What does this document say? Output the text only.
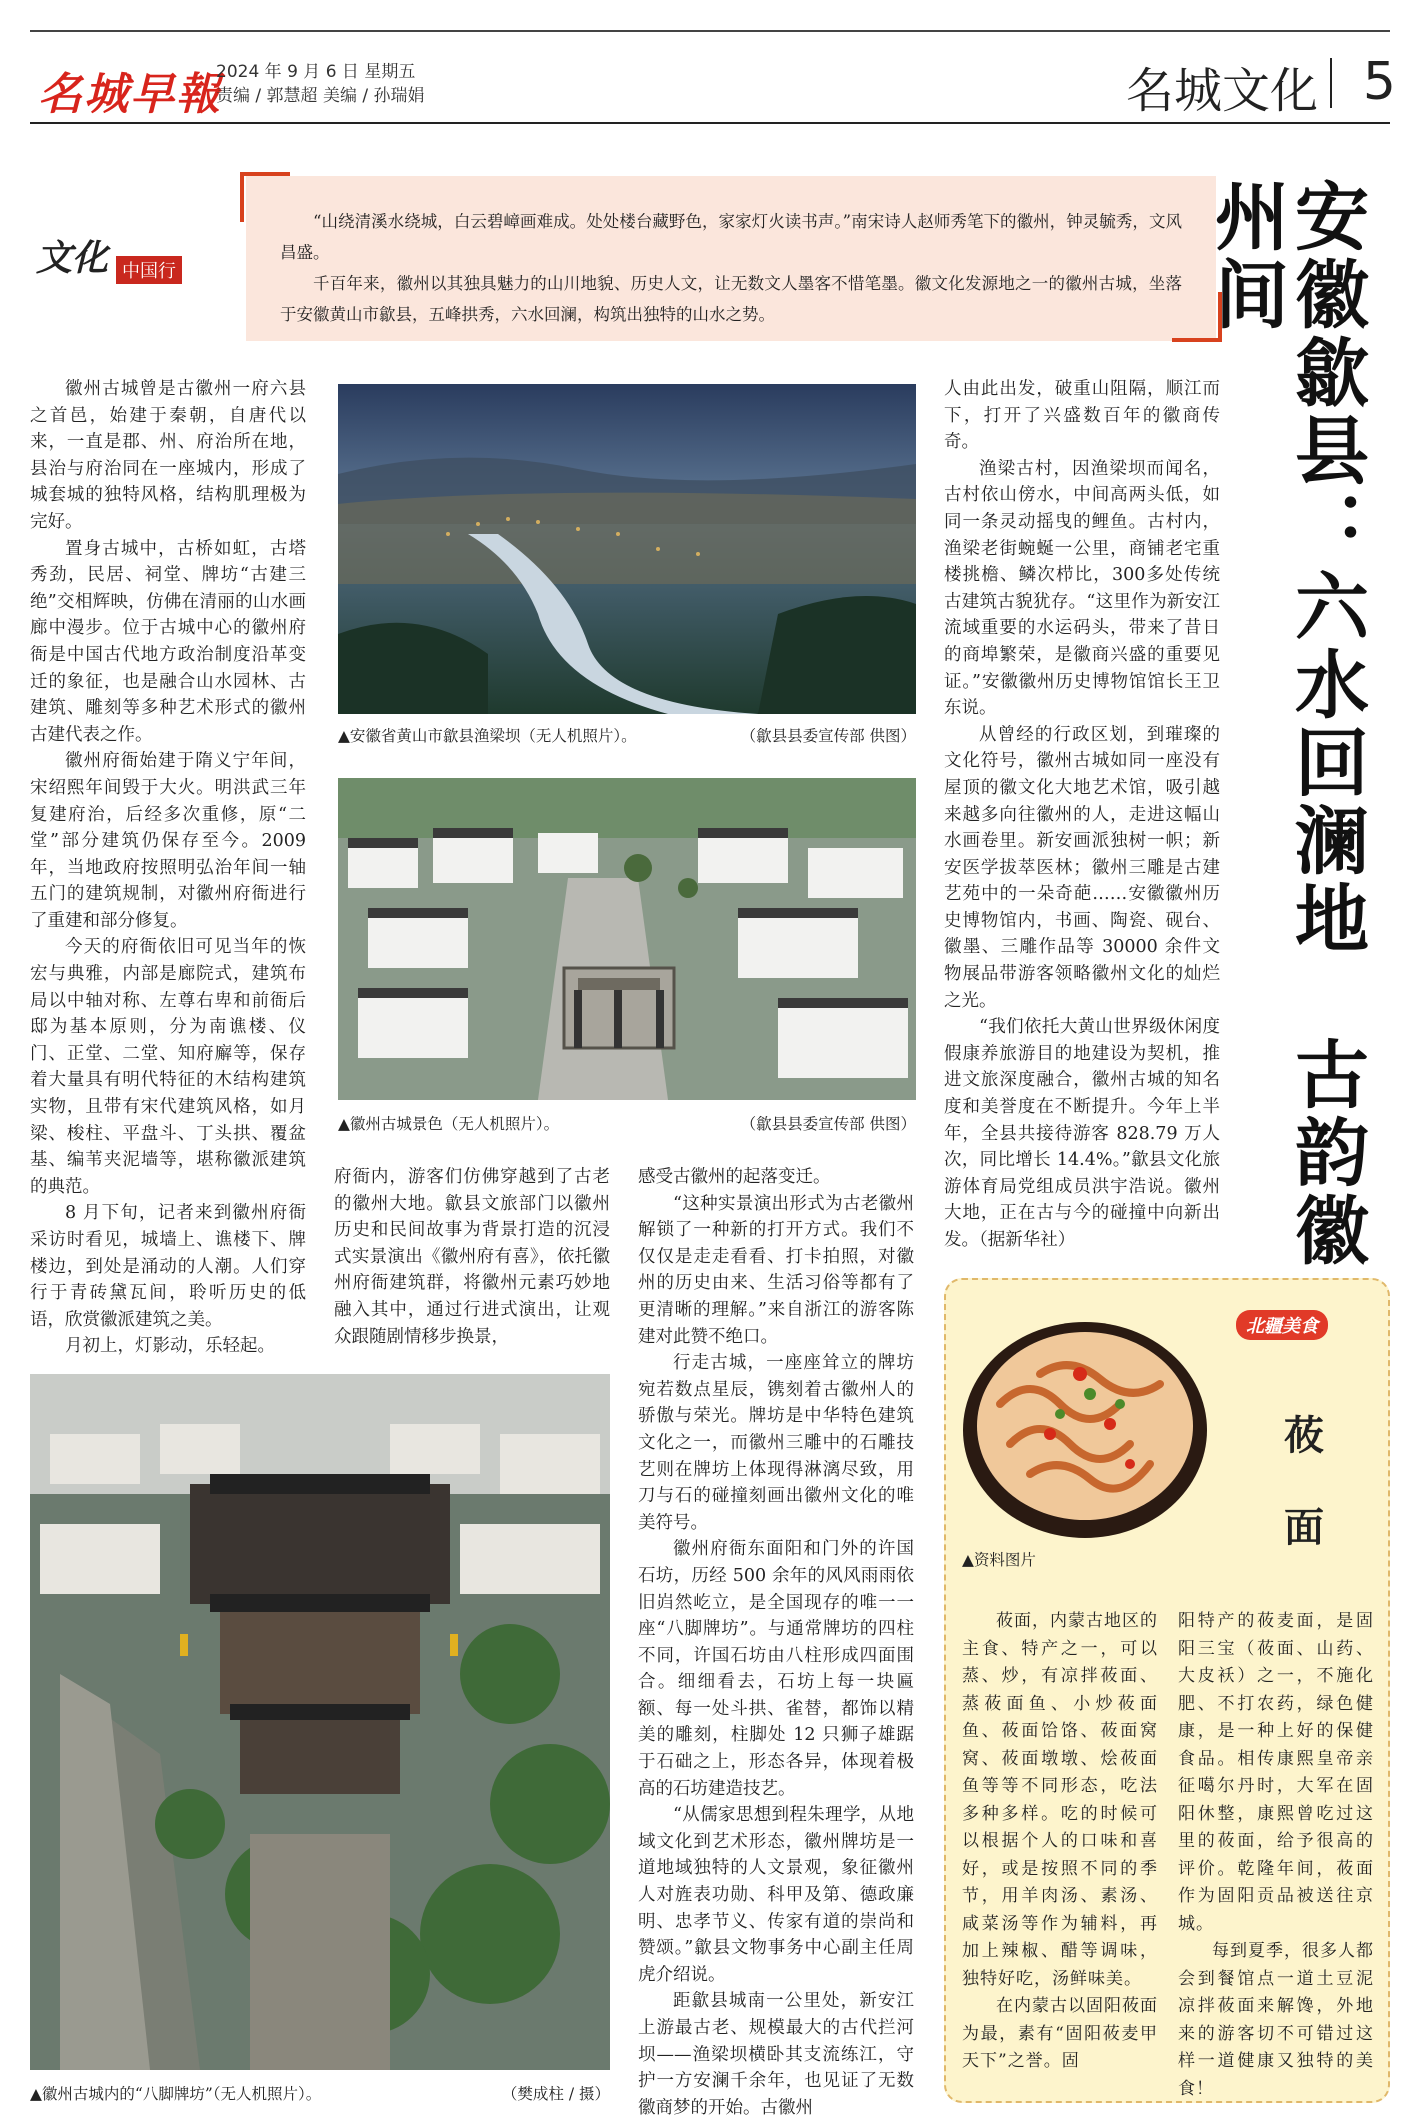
名城早報
2024 年 9 月 6 日 星期五
责编 / 郭慧超 美编 / 孙瑞娟	名城文化 5
文化 中国行

“山绕清溪水绕城，白云碧嶂画难成。处处楼台藏野色，家家灯火读书声。”南宋诗人赵师秀笔下的徽州，钟灵毓秀，文风昌盛。

千百年来，徽州以其独具魅力的山川地貌、历史人文，让无数文人墨客不惜笔墨。徽文化发源地之一的徽州古城，坐落于安徽黄山市歙县，五峰拱秀，六水回澜，构筑出独特的山水之势。	安徽歙县：六水回澜地　古韵徽州间

徽州古城曾是古徽州一府六县之首邑，始建于秦朝，自唐代以来，一直是郡、州、府治所在地，县治与府治同在一座城内，形成了城套城的独特风格，结构肌理极为完好。

置身古城中，古桥如虹，古塔秀劲，民居、祠堂、牌坊“古建三绝”交相辉映，仿佛在清丽的山水画廊中漫步。位于古城中心的徽州府衙是中国古代地方政治制度沿革变迁的象征，也是融合山水园林、古建筑、雕刻等多种艺术形式的徽州古建代表之作。

徽州府衙始建于隋义宁年间，宋绍熙年间毁于大火。明洪武三年复建府治，后经多次重修，原“二堂”部分建筑仍保存至今。2009年，当地政府按照明弘治年间一轴五门的建筑规制，对徽州府衙进行了重建和部分修复。

今天的府衙依旧可见当年的恢宏与典雅，内部是廊院式，建筑布局以中轴对称、左尊右卑和前衙后邸为基本原则，分为南谯楼、仪门、正堂、二堂、知府廨等，保存着大量具有明代特征的木结构建筑实物，且带有宋代建筑风格，如月梁、梭柱、平盘斗、丁头拱、覆盆基、编苇夹泥墙等，堪称徽派建筑的典范。

8 月下旬，记者来到徽州府衙采访时看见，城墙上、谯楼下、牌楼边，到处是涌动的人潮。人们穿行于青砖黛瓦间，聆听历史的低语，欣赏徽派建筑之美。

月初上，灯影动，乐轻起。

▲安徽省黄山市歙县渔梁坝（无人机照片）。	（歙县县委宣传部 供图）
▲徽州古城景色（无人机照片）。	（歙县县委宣传部 供图）

府衙内，游客们仿佛穿越到了古老的徽州大地。歙县文旅部门以徽州历史和民间故事为背景打造的沉浸式实景演出《徽州府有喜》，依托徽州府衙建筑群，将徽州元素巧妙地融入其中，通过行进式演出，让观众跟随剧情移步换景，

感受古徽州的起落变迁。

“这种实景演出形式为古老徽州解锁了一种新的打开方式。我们不仅仅是走走看看、打卡拍照，对徽州的历史由来、生活习俗等都有了更清晰的理解。”来自浙江的游客陈建对此赞不绝口。

行走古城，一座座耸立的牌坊宛若数点星辰，镌刻着古徽州人的骄傲与荣光。牌坊是中华特色建筑文化之一，而徽州三雕中的石雕技艺则在牌坊上体现得淋漓尽致，用刀与石的碰撞刻画出徽州文化的唯美符号。

徽州府衙东面阳和门外的许国石坊，历经 500 余年的风风雨雨依旧岿然屹立，是全国现存的唯一一座“八脚牌坊”。与通常牌坊的四柱不同，许国石坊由八柱形成四面围合。细细看去，石坊上每一块匾额、每一处斗拱、雀替，都饰以精美的雕刻，柱脚处 12 只狮子雄踞于石础之上，形态各异，体现着极高的石坊建造技艺。

“从儒家思想到程朱理学，从地域文化到艺术形态，徽州牌坊是一道地域独特的人文景观，象征徽州人对旌表功勋、科甲及第、德政廉明、忠孝节义、传家有道的崇尚和赞颂。”歙县文物事务中心副主任周虎介绍说。

距歙县城南一公里处，新安江上游最古老、规模最大的古代拦河坝——渔梁坝横卧其支流练江，守护一方安澜千余年，也见证了无数徽商梦的开始。古徽州

人由此出发，破重山阻隔，顺江而下，打开了兴盛数百年的徽商传奇。

渔梁古村，因渔梁坝而闻名，古村依山傍水，中间高两头低，如同一条灵动摇曳的鲤鱼。古村内，渔梁老街蜿蜒一公里，商铺老宅重楼挑檐、鳞次栉比，300多处传统古建筑古貌犹存。“这里作为新安江流域重要的水运码头，带来了昔日的商埠繁荣，是徽商兴盛的重要见证。”安徽徽州历史博物馆馆长王卫东说。

从曾经的行政区划，到璀璨的文化符号，徽州古城如同一座没有屋顶的徽文化大地艺术馆，吸引越来越多向往徽州的人，走进这幅山水画卷里。新安画派独树一帜；新安医学拔萃医林；徽州三雕是古建艺苑中的一朵奇葩……安徽徽州历史博物馆内，书画、陶瓷、砚台、徽墨、三雕作品等 30000 余件文物展品带游客领略徽州文化的灿烂之光。

“我们依托大黄山世界级休闲度假康养旅游目的地建设为契机，推进文旅深度融合，徽州古城的知名度和美誉度在不断提升。今年上半年，全县共接待游客 828.79 万人次，同比增长 14.4%。”歙县文化旅游体育局党组成员洪宇浩说。徽州大地，正在古与今的碰撞中向新出发。（据新华社）

▲徽州古城内的“八脚牌坊”（无人机照片）。	（樊成柱 / 摄）
北疆美食
莜
面
▲资料图片

莜面，内蒙古地区的主食、特产之一，可以蒸、炒，有凉拌莜面、蒸莜面鱼、小炒莜面鱼、莜面饸饹、莜面窝窝、莜面墩墩、烩莜面鱼等等不同形态，吃法多种多样。吃的时候可以根据个人的口味和喜好，或是按照不同的季节，用羊肉汤、素汤、咸菜汤等作为辅料，再加上辣椒、醋等调味，独特好吃，汤鲜味美。

在内蒙古以固阳莜面为最，素有“固阳莜麦甲天下”之誉。固

阳特产的莜麦面，是固阳三宝（莜面、山药、大皮袄）之一，不施化肥、不打农药，绿色健康，是一种上好的保健食品。相传康熙皇帝亲征噶尔丹时，大军在固阳休整，康熙曾吃过这里的莜面，给予很高的评价。乾隆年间，莜面作为固阳贡品被送往京城。

每到夏季，很多人都会到餐馆点一道土豆泥凉拌莜面来解馋，外地来的游客切不可错过这样一道健康又独特的美食！
